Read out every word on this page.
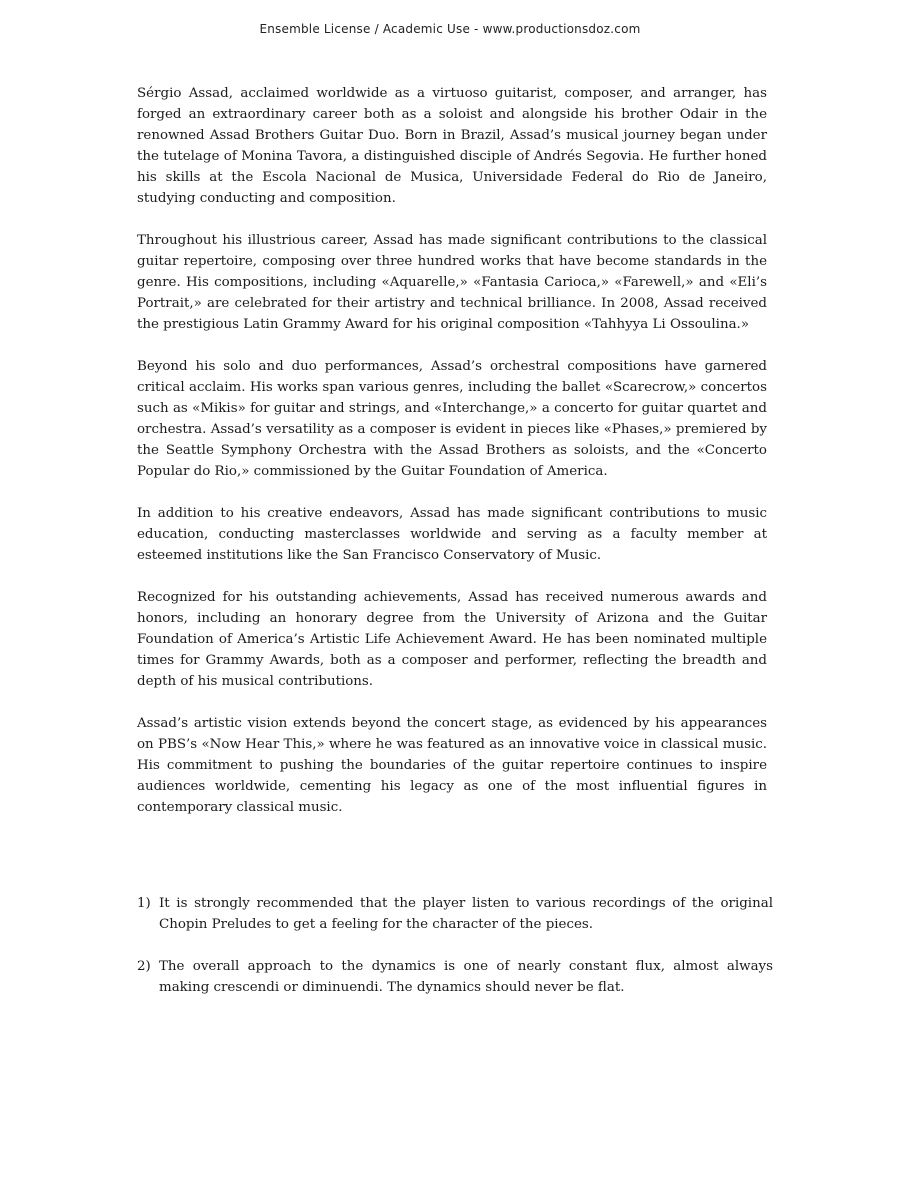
Ensemble License / Academic Use - www.productionsdoz.com

Sérgio Assad, acclaimed worldwide as a virtuoso guitarist, composer, and arranger, has forged an extraordinary career both as a soloist and alongside his brother Odair in the renowned Assad Brothers Guitar Duo. Born in Brazil, Assad’s musical journey began under the tutelage of Monina Tavora, a distinguished disciple of Andrés Segovia. He further honed his skills at the Escola Nacional de Musica, Universidade Federal do Rio de Janeiro, studying conducting and composition.

Throughout his illustrious career, Assad has made significant contributions to the classical guitar repertoire, composing over three hundred works that have become standards in the genre. His compositions, including «Aquarelle,» «Fantasia Carioca,» «Farewell,» and «Eli’s Portrait,» are celebrated for their artistry and technical brilliance. In 2008, Assad received the prestigious Latin Grammy Award for his original composition «Tahhyya Li Ossoulina.»

Beyond his solo and duo performances, Assad’s orchestral compositions have garnered critical acclaim. His works span various genres, including the ballet «Scarecrow,» concertos such as «Mikis» for guitar and strings, and «Interchange,» a concerto for guitar quartet and orchestra. Assad’s versatility as a composer is evident in pieces like «Phases,» premiered by the Seattle Symphony Orchestra with the Assad Brothers as soloists, and the «Concerto Popular do Rio,» commissioned by the Guitar Foundation of America.

In addition to his creative endeavors, Assad has made significant contributions to music education, conducting masterclasses worldwide and serving as a faculty member at esteemed institutions like the San Francisco Conservatory of Music.

Recognized for his outstanding achievements, Assad has received numerous awards and honors, including an honorary degree from the University of Arizona and the Guitar Foundation of America’s Artistic Life Achievement Award. He has been nominated multiple times for Grammy Awards, both as a composer and performer, reflecting the breadth and depth of his musical contributions.

Assad’s artistic vision extends beyond the concert stage, as evidenced by his appearances on PBS’s «Now Hear This,» where he was featured as an innovative voice in classical music. His commitment to pushing the boundaries of the guitar repertoire continues to inspire audiences worldwide, cementing his legacy as one of the most influential figures in contemporary classical music.

1) It is strongly recommended that the player listen to various recordings of the original Chopin Preludes to get a feeling for the character of the pieces.
2) The overall approach to the dynamics is one of nearly constant flux, almost always making crescendi or diminuendi. The dynamics should never be flat.
